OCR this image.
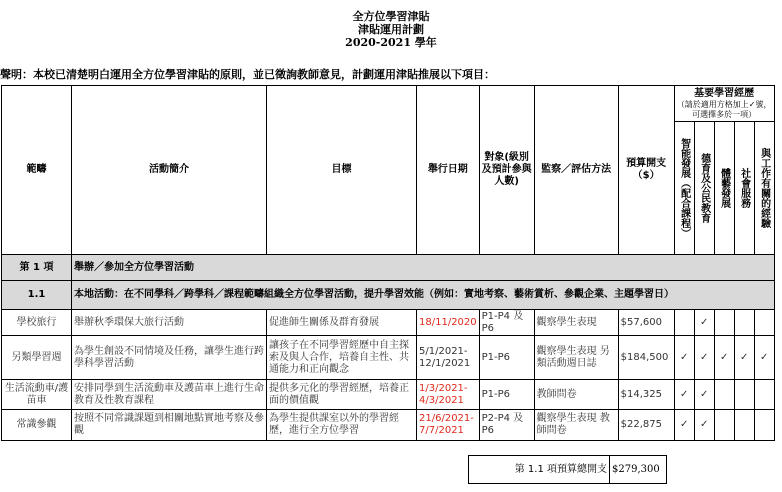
全方位學習津貼
津貼運用計劃
2020-2021 學年
聲明：本校已清楚明白運用全方位學習津貼的原則，並已徵詢教師意見，計劃運用津貼推展以下項目：
範疇	活動簡介	目標	舉行日期	對象(級別及預計參與人數)	監察／評估方法	預算開支（$）	基要學習經歷
（請於適用方格加上✓號，可選擇多於一項）				

							智能發展（配合課程）	德育及公民教育	體藝發展	社會服務	與工作有關的經驗

第 1 項	舉辦／參加全方位學習活動										
1.1	本地活動：在不同學科／跨學科／課程範疇組織全方位學習活動，提升學習效能（例如：實地考察、藝術賞析、參觀企業、主題學習日）										
學校旅行	舉辦秋季環保大旅行活動	促進師生關係及群育發展	18/11/2020	P1-P4 及 P6	觀察學生表現	$57,600		✓			
另類學習週	為學生創設不同情境及任務，讓學生進行跨學科學習活動	讓孩子在不同學習經歷中自主探索及與人合作，培養自主性、共通能力和正向觀念	5/1/2021-12/1/2021	P1-P6	觀察學生表現 另類活動週日誌	$184,500	✓	✓	✓	✓	✓
生活流動車/護苗車	安排同學到生活流動車及護苗車上進行生命教育及性教育課程	提供多元化的學習經歷，培養正面的價值觀	1/3/2021-4/3/2021	P1-P6	教師問卷	$14,325	✓	✓			
常識參觀	按照不同常識課題到相關地點實地考察及參觀	為學生提供課室以外的學習經歷，進行全方位學習	21/6/2021-7/7/2021	P2-P4 及 P6	觀察學生表現 教師問卷	$22,875	✓	✓			
第 1.1 項預算總開支	$279,300
